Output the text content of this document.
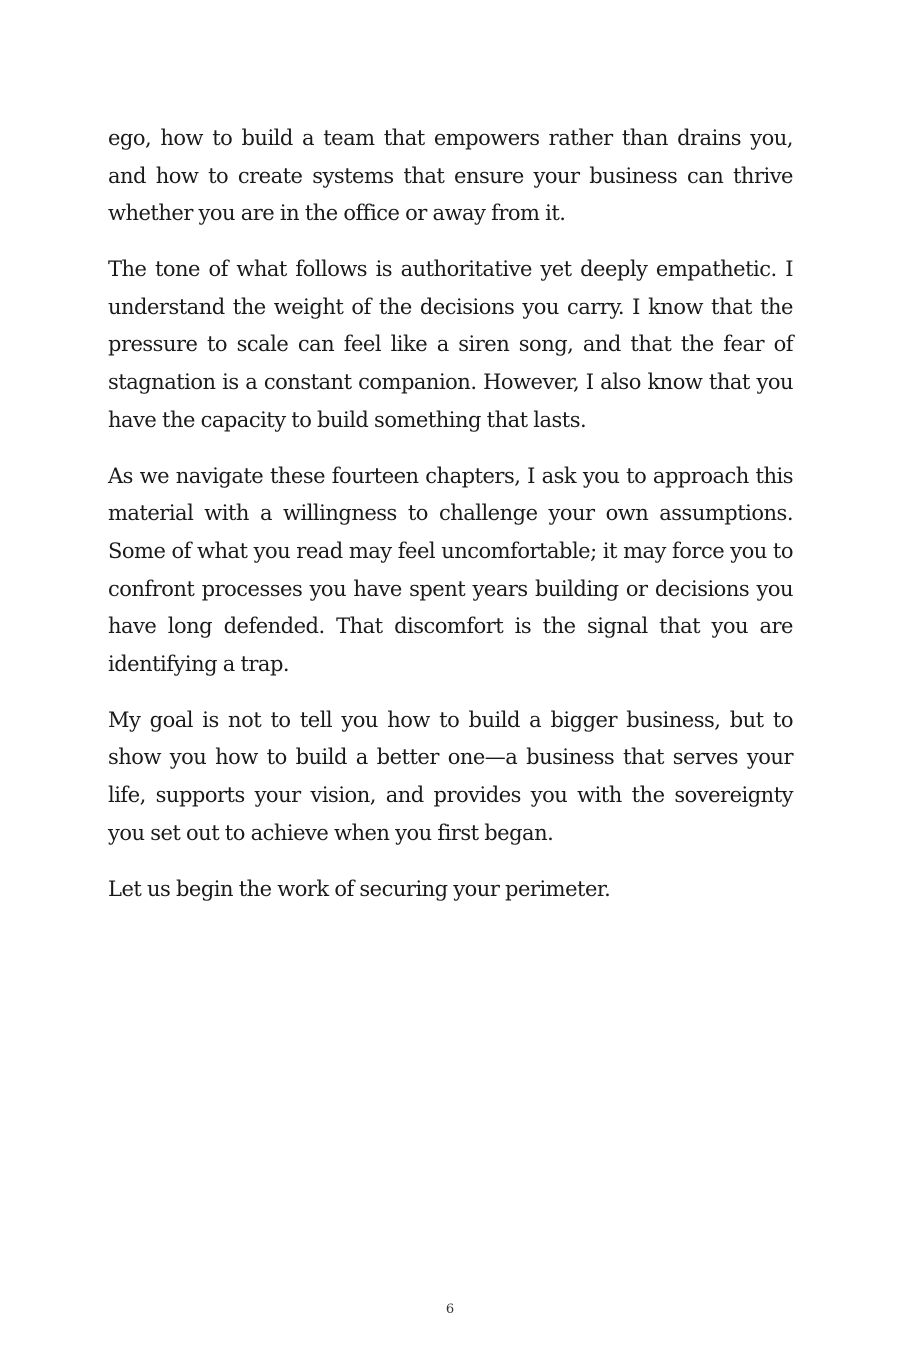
ego, how to build a team that empowers rather than drains you, and how to create systems that ensure your business can thrive whether you are in the office or away from it.

The tone of what follows is authoritative yet deeply empathetic. I understand the weight of the decisions you carry. I know that the pressure to scale can feel like a siren song, and that the fear of stagnation is a constant companion. However, I also know that you have the capacity to build something that lasts.

As we navigate these fourteen chapters, I ask you to approach this material with a willingness to challenge your own assumptions. Some of what you read may feel uncomfortable; it may force you to confront processes you have spent years building or decisions you have long defended. That discomfort is the signal that you are identifying a trap.

My goal is not to tell you how to build a bigger business, but to show you how to build a better one—a business that serves your life, supports your vision, and provides you with the sovereignty you set out to achieve when you first began.

Let us begin the work of securing your perimeter.

6
